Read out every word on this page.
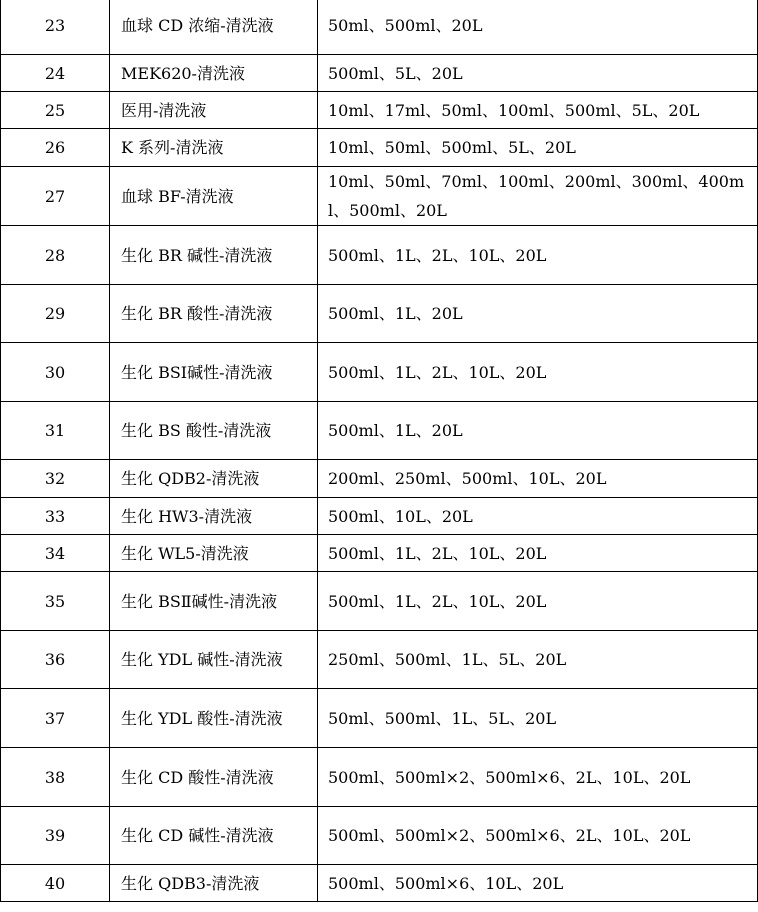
23	血球 CD 浓缩-清洗液	50ml、500ml、20L
24	MEK620-清洗液	500ml、5L、20L
25	医用-清洗液	10ml、17ml、50ml、100ml、500ml、5L、20L
26	K 系列-清洗液	10ml、50ml、500ml、5L、20L
27	血球 BF-清洗液	10ml、50ml、70ml、100ml、200ml、300ml、400ml、500ml、20L
28	生化 BR 碱性-清洗液	500ml、1L、2L、10L、20L
29	生化 BR 酸性-清洗液	500ml、1L、20L
30	生化 BSⅠ碱性-清洗液	500ml、1L、2L、10L、20L
31	生化 BS 酸性-清洗液	500ml、1L、20L
32	生化 QDB2-清洗液	200ml、250ml、500ml、10L、20L
33	生化 HW3-清洗液	500ml、10L、20L
34	生化 WL5-清洗液	500ml、1L、2L、10L、20L
35	生化 BSⅡ碱性-清洗液	500ml、1L、2L、10L、20L
36	生化 YDL 碱性-清洗液	250ml、500ml、1L、5L、20L
37	生化 YDL 酸性-清洗液	50ml、500ml、1L、5L、20L
38	生化 CD 酸性-清洗液	500ml、500ml×2、500ml×6、2L、10L、20L
39	生化 CD 碱性-清洗液	500ml、500ml×2、500ml×6、2L、10L、20L
40	生化 QDB3-清洗液	500ml、500ml×6、10L、20L
